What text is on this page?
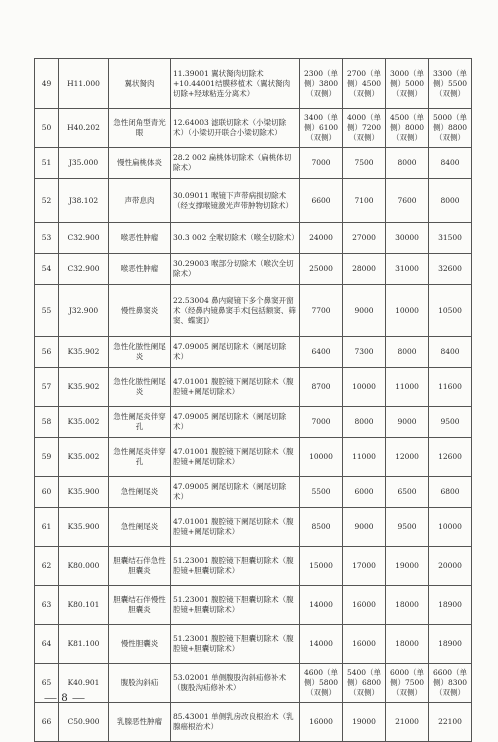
49	H11.000	翼状胬肉	11.39001 翼状胬肉切除术+10.44001结膜移植术（翼状胬肉切除+羟球粘连分离术）	2300（单侧）3800（双侧）	2700（单侧）4500（双侧）	3000（单侧）5000（双侧）	3300（单侧）5500（双侧）
50	H40.202	急性闭角型青光眼	12.64003 滤联切除术（小梁切除术）（小梁切开联合小梁切除术）	3400（单侧）6100（双侧）	4000（单侧）7200（双侧）	4500（单侧）8000（双侧）	5000（单侧）8800（双侧）
51	J35.000	慢性扁桃体炎	28.2 002 扁桃体切除术（扁桃体切除术）	7000	7500	8000	8400
52	J38.102	声带息肉	30.09011 喉镜下声带病损切除术（经支撑喉镜激光声带肿物切除术）	6600	7100	7600	8000
53	C32.900	喉恶性肿瘤	30.3 002 全喉切除术（喉全切除术）	24000	27000	30000	31500
54	C32.900	喉恶性肿瘤	30.29003 喉部分切除术（喉次全切除术）	25000	28000	31000	32600
55	J32.900	慢性鼻窦炎	22.53004 鼻内窥镜下多个鼻窦开窗术（经鼻内镜鼻窦手术[包括额窦、筛窦、蝶窦]）	7700	9000	10000	10500
56	K35.902	急性化脓性阑尾炎	47.09005 阑尾切除术（阑尾切除术）	6400	7300	8000	8400
57	K35.902	急性化脓性阑尾炎	47.01001 腹腔镜下阑尾切除术（腹腔镜+阑尾切除术）	8700	10000	11000	11600
58	K35.002	急性阑尾炎伴穿孔	47.09005 阑尾切除术（阑尾切除术）	7000	8000	9000	9500
59	K35.002	急性阑尾炎伴穿孔	47.01001 腹腔镜下阑尾切除术（腹腔镜+阑尾切除术）	10000	11000	12000	12600
60	K35.900	急性阑尾炎	47.09005 阑尾切除术（阑尾切除术）	5500	6000	6500	6800
61	K35.900	急性阑尾炎	47.01001 腹腔镜下阑尾切除术（腹腔镜+阑尾切除术）	8500	9000	9500	10000
62	K80.000	胆囊结石伴急性胆囊炎	51.23001 腹腔镜下胆囊切除术（腹腔镜+胆囊切除术）	15000	17000	19000	20000
63	K80.101	胆囊结石伴慢性胆囊炎	51.23001 腹腔镜下胆囊切除术（腹腔镜+胆囊切除术）	14000	16000	18000	18900
64	K81.100	慢性胆囊炎	51.23001 腹腔镜下胆囊切除术（腹腔镜+胆囊切除术）	14000	16000	18000	18900
65	K40.901	腹股沟斜疝	53.02001 单侧腹股沟斜疝修补术（腹股沟疝修补术）	4600（单侧）5800（双侧）	5400（单侧）6800（双侧）	6000（单侧）7500（双侧）	6600（单侧）8300（双侧）
66	C50.900	乳腺恶性肿瘤	85.43001 单侧乳房改良根治术（乳腺癌根治术）	16000	19000	21000	22100
— 8 —
